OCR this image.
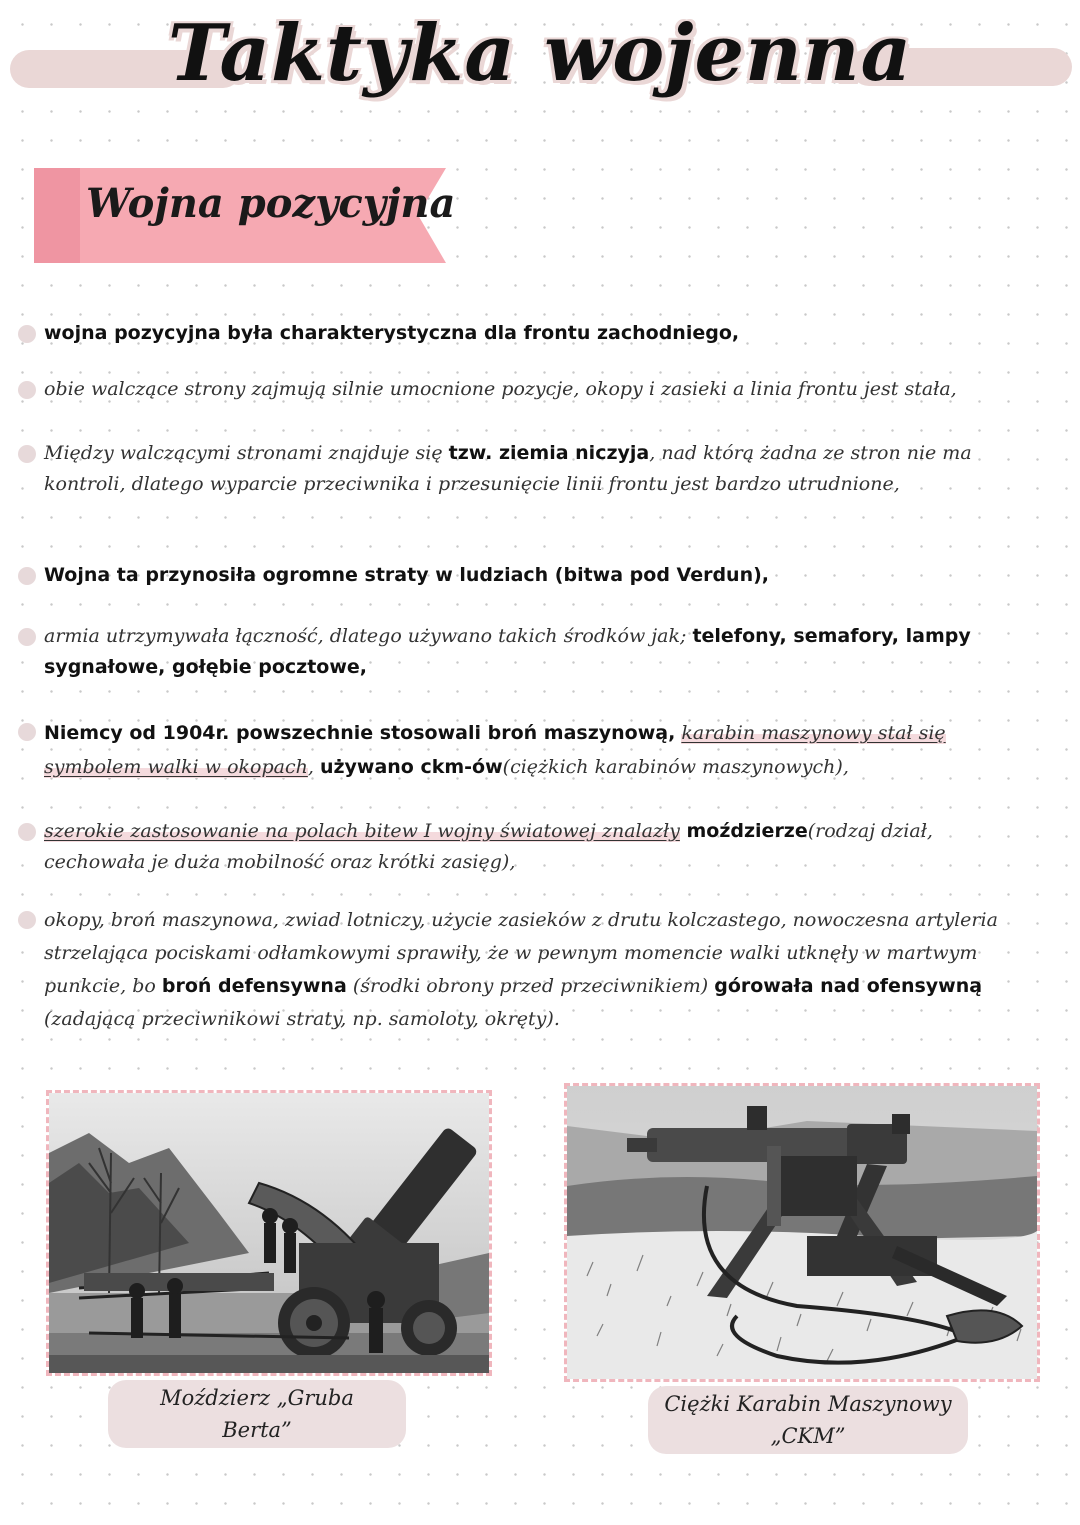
Taktyka wojenna
Wojna pozycyjna
wojna pozycyjna była charakterystyczna dla frontu zachodniego,
obie walczące strony zajmują silnie umocnione pozycje, okopy i zasieki a linia frontu jest stała,
Między walczącymi stronami znajduje się tzw. ziemia niczyja, nad którą żadna ze stron nie ma kontroli, dlatego wyparcie przeciwnika i przesunięcie linii frontu jest bardzo utrudnione,
Wojna ta przynosiła ogromne straty w ludziach (bitwa pod Verdun),
armia utrzymywała łączność, dlatego używano takich środków jak; telefony, semafory, lampy sygnałowe, gołębie pocztowe,
Niemcy od 1904r. powszechnie stosowali broń maszynową, karabin maszynowy stał się symbolem walki w okopach, używano ckm-ów(ciężkich karabinów maszynowych),
szerokie zastosowanie na polach bitew I wojny światowej znalazły moździerze(rodzaj dział, cechowała je duża mobilność oraz krótki zasięg),
okopy, broń maszynowa, zwiad lotniczy, użycie zasieków z drutu kolczastego, nowoczesna artyleria strzelająca pociskami odłamkowymi sprawiły, że w pewnym momencie walki utknęły w martwym punkcie, bo broń defensywna (środki obrony przed przeciwnikiem) górowała nad ofensywną (zadającą przeciwnikowi straty, np. samoloty, okręty).
Moździerz „Gruba Berta”
Ciężki Karabin Maszynowy
„CKM”
